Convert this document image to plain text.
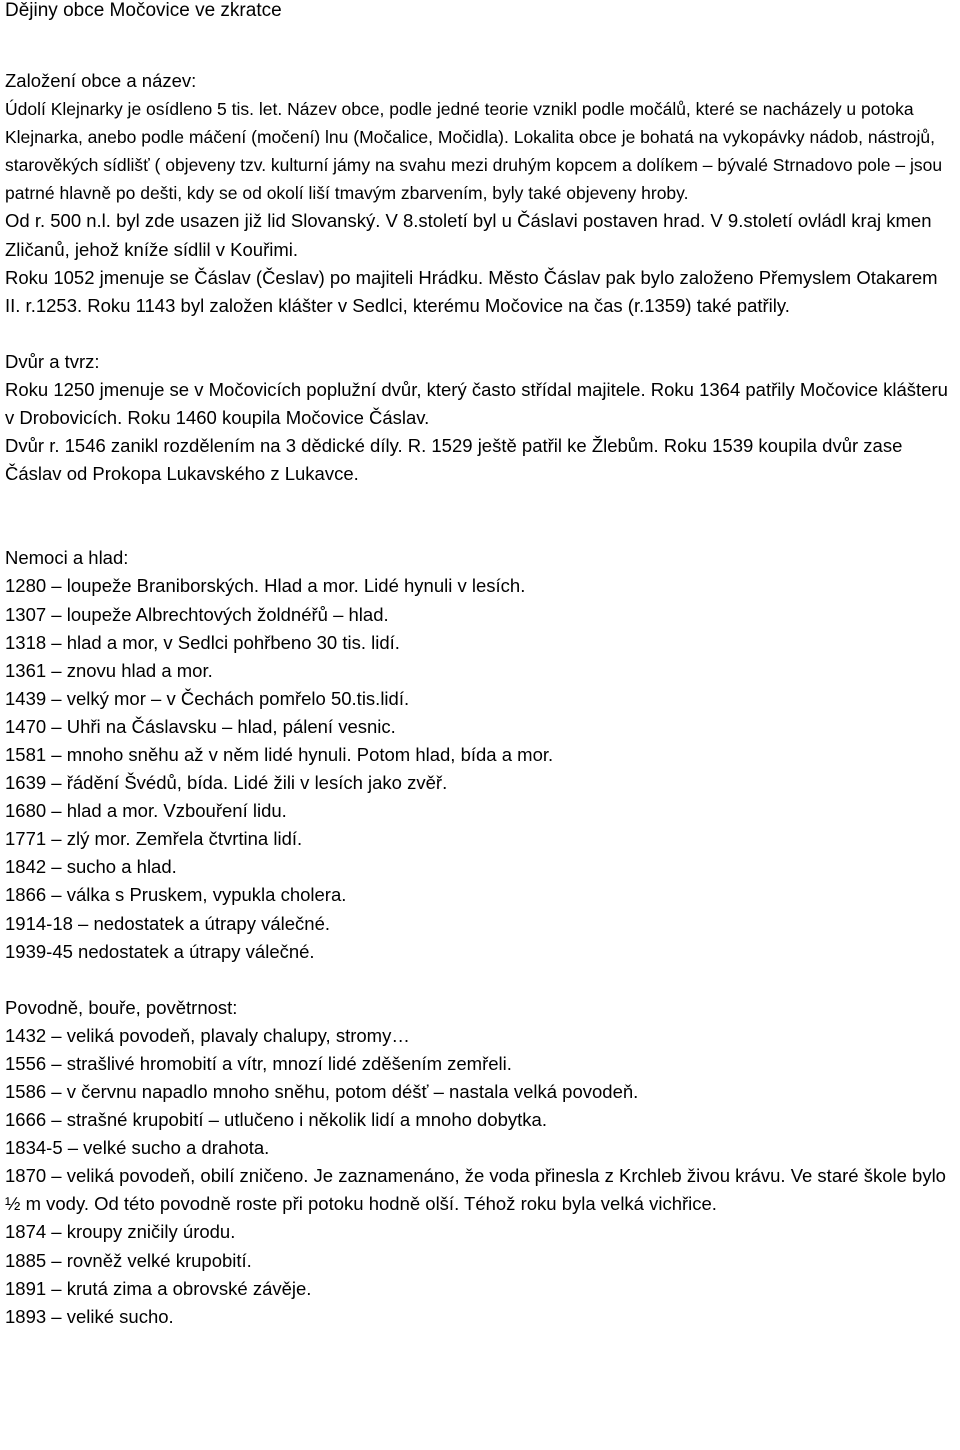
Dějiny obce Močovice ve zkratce

Založení obce a název:

Údolí Klejnarky je osídleno 5 tis. let. Název obce, podle jedné teorie vznikl podle močálů, které se nacházely u potoka Klejnarka, anebo podle máčení (močení) lnu (Močalice, Močidla). Lokalita obce je bohatá na vykopávky nádob, nástrojů, starověkých sídlišť ( objeveny tzv. kulturní jámy na svahu mezi druhým kopcem a dolíkem – bývalé Strnadovo pole – jsou patrné hlavně po dešti, kdy se od okolí liší tmavým zbarvením, byly také objeveny hroby.

Od r. 500 n.l. byl zde usazen již lid Slovanský. V 8.století byl u Čáslavi postaven hrad. V 9.století ovládl kraj kmen Zličanů, jehož kníže sídlil v Kouřimi.

Roku 1052 jmenuje se Čáslav (Česlav) po majiteli Hrádku. Město Čáslav pak bylo založeno Přemyslem Otakarem II. r.1253. Roku 1143 byl založen klášter v Sedlci, kterému Močovice na čas (r.1359) také patřily.

Dvůr a tvrz:

Roku 1250 jmenuje se v Močovicích poplužní dvůr, který často střídal majitele. Roku 1364 patřily Močovice klášteru v Drobovicích. Roku 1460 koupila Močovice Čáslav.

Dvůr r. 1546 zanikl rozdělením na 3 dědické díly. R. 1529 ještě patřil ke Žlebům. Roku 1539 koupila dvůr zase Čáslav od Prokopa Lukavského z Lukavce.

Nemoci a hlad:

1280 – loupeže Braniborských. Hlad a mor. Lidé hynuli v lesích.
1307 – loupeže Albrechtových žoldnéřů – hlad.
1318 – hlad a mor, v Sedlci pohřbeno 30 tis. lidí.
1361 – znovu hlad a mor.
1439 – velký mor – v Čechách pomřelo 50.tis.lidí.
1470 – Uhři na Čáslavsku – hlad, pálení vesnic.
1581 – mnoho sněhu až v něm lidé hynuli. Potom hlad, bída a mor.
1639 – řádění Švédů, bída. Lidé žili v lesích jako zvěř.
1680 – hlad a mor. Vzbouření lidu.
1771 – zlý mor. Zemřela čtvrtina lidí.
1842 – sucho a hlad.
1866 – válka s Pruskem, vypukla cholera.
1914-18 – nedostatek a útrapy válečné.
1939-45 nedostatek a útrapy válečné.

Povodně, bouře, povětrnost:

1432 – veliká povodeň, plavaly chalupy, stromy…
1556 – strašlivé hromobití a vítr, mnozí lidé zděšením zemřeli.
1586 – v červnu napadlo mnoho sněhu, potom déšť – nastala velká povodeň.
1666 – strašné krupobití – utlučeno i několik lidí a mnoho dobytka.
1834-5 – velké sucho a drahota.
1870 – veliká povodeň, obilí zničeno. Je zaznamenáno, že voda přinesla z Krchleb živou krávu. Ve staré škole bylo ½ m vody. Od této povodně roste při potoku hodně olší. Téhož roku byla velká vichřice.
1874 – kroupy zničily úrodu.
1885 – rovněž velké krupobití.
1891 – krutá zima a obrovské závěje.
1893 – veliké sucho.
